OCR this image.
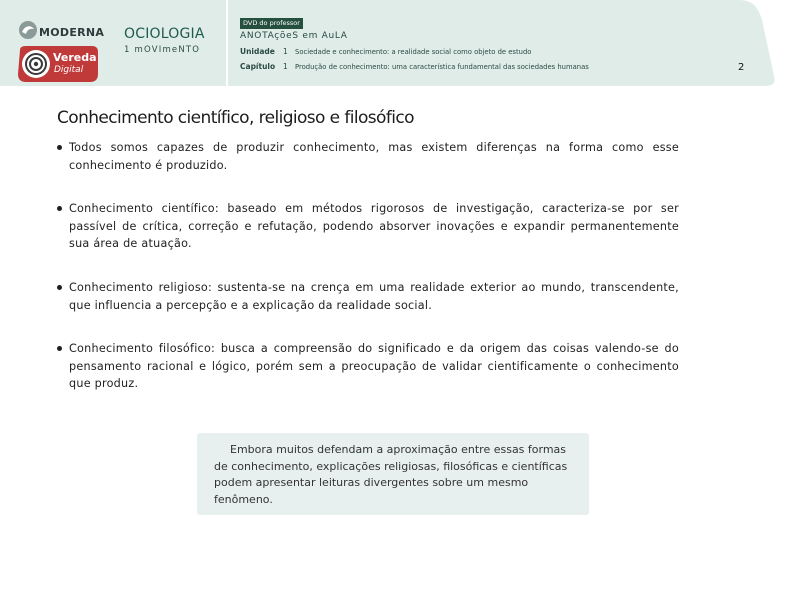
MODERNA
Vereda
Digital
OCIOLOGIA
1 mOVImeNTO
DVD do professor
ANOTAçõeS em AuLA
Unidade 1 Sociedade e conhecimento: a realidade social como objeto de estudo
Capítulo 1 Produção de conhecimento: uma característica fundamental das sociedades humanas	2
Conhecimento científico, religioso e filosófico
Todos somos capazes de produzir conhecimento, mas existem diferenças na forma como esse conhecimento é produzido.
Conhecimento científico: baseado em métodos rigorosos de investigação, caracteriza-se por ser passível de crítica, correção e refutação, podendo absorver inovações e expandir permanentemente sua área de atuação.
Conhecimento religioso: sustenta-se na crença em uma realidade exterior ao mundo, transcendente, que influencia a percepção e a explicação da realidade social.
Conhecimento filosófico: busca a compreensão do significado e da origem das coisas valendo-se do pensamento racional e lógico, porém sem a preocupação de validar cientificamente o conhecimento que produz.

Embora muitos defendam a aproximação entre essas formas de conhecimento, explicações religiosas, filosóficas e científicas podem apresentar leituras divergentes sobre um mesmo fenômeno.
